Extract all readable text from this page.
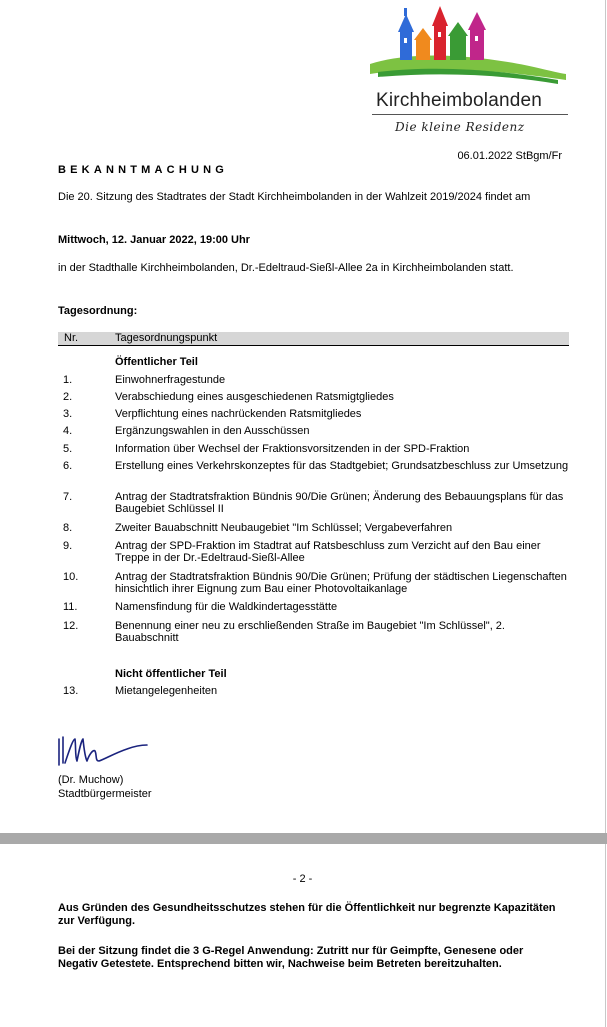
Kirchheimbolanden
Die kleine Residenz
06.01.2022 StBgm/Fr
BEKANNTMACHUNG
Die 20. Sitzung des Stadtrates der Stadt Kirchheimbolanden in der Wahlzeit 2019/2024 findet am
Mittwoch, 12. Januar 2022, 19:00 Uhr
in der Stadthalle Kirchheimbolanden, Dr.-Edeltraud-Sießl-Allee 2a in Kirchheimbolanden statt.
Tagesordnung:
Nr.	Tagesordnungspunkt
Öffentlicher Teil
1.	Einwohnerfragestunde
2.	Verabschiedung eines ausgeschiedenen Ratsmigtgliedes
3.	Verpflichtung eines nachrückenden Ratsmitgliedes
4.	Ergänzungswahlen in den Ausschüssen
5.	Information über Wechsel der Fraktionsvorsitzenden in der SPD-Fraktion
6.	Erstellung eines Verkehrskonzeptes für das Stadtgebiet; Grundsatzbeschluss zur Umsetzung
7.	Antrag der Stadtratsfraktion Bündnis 90/Die Grünen; Änderung des Bebauungsplans für das Baugebiet Schlüssel II
8.	Zweiter Bauabschnitt Neubaugebiet "Im Schlüssel; Vergabeverfahren
9.	Antrag der SPD-Fraktion im Stadtrat auf Ratsbeschluss zum Verzicht auf den Bau einer Treppe in der Dr.-Edeltraud-Sießl-Allee
10.	Antrag der Stadtratsfraktion Bündnis 90/Die Grünen; Prüfung der städtischen Liegenschaften hinsichtlich ihrer Eignung zum Bau einer Photovoltaikanlage
11.	Namensfindung für die Waldkindertagesstätte
12.	Benennung einer neu zu erschließenden Straße im Baugebiet "Im Schlüssel", 2. Bauabschnitt
Nicht öffentlicher Teil
13.	Mietangelegenheiten
(Dr. Muchow)
Stadtbürgermeister
- 2 -
Aus Gründen des Gesundheitsschutzes stehen für die Öffentlichkeit nur begrenzte Kapazitäten zur Verfügung.
Bei der Sitzung findet die 3 G-Regel Anwendung: Zutritt nur für Geimpfte, Genesene oder Negativ Getestete. Entsprechend bitten wir, Nachweise beim Betreten bereitzuhalten.
